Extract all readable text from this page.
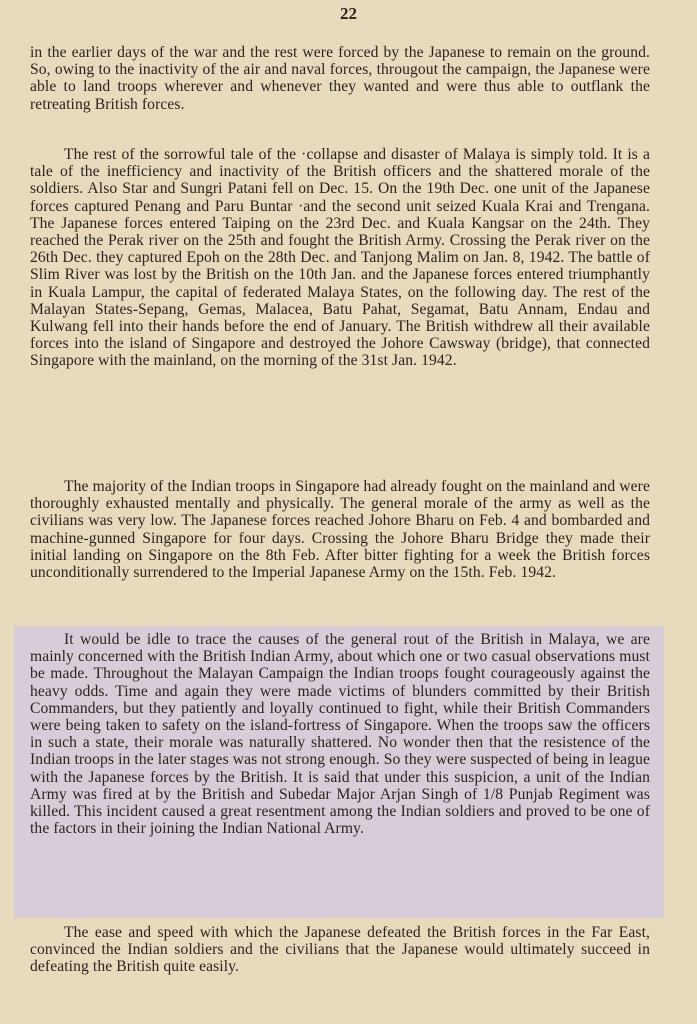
22

in the earlier days of the war and the rest were forced by the Japanese to remain on the ground. So, owing to the inactivity of the air and naval forces, througout the campaign, the Japanese were able to land troops wherever and whenever they wanted and were thus able to outflank the retreating British forces.

The rest of the sorrowful tale of the ·collapse and disaster of Malaya is simply told. It is a tale of the inefficiency and inactivity of the British officers and the shattered morale of the soldiers. Also Star and Sungri Patani fell on Dec. 15. On the 19th Dec. one unit of the Japanese forces captured Penang and Paru Buntar ·and the second unit seized Kuala Krai and Trengana. The Japanese forces entered Taiping on the 23rd Dec. and Kuala Kangsar on the 24th. They reached the Perak river on the 25th and fought the British Army. Crossing the Perak river on the 26th Dec. they captured Epoh on the 28th Dec. and Tanjong Malim on Jan. 8, 1942. The battle of Slim River was lost by the British on the 10th Jan. and the Japanese forces entered triumphantly in Kuala Lampur, the capital of federated Malaya States, on the following day. The rest of the Malayan States-Sepang, Gemas, Malacea, Batu Pahat, Segamat, Batu Annam, Endau and Kulwang fell into their hands before the end of January. The British withdrew all their available forces into the island of Singapore and destroyed the Johore Cawsway (bridge), that connected Singapore with the mainland, on the morning of the 31st Jan. 1942.

The majority of the Indian troops in Singapore had already fought on the mainland and were thoroughly exhausted mentally and physically. The general morale of the army as well as the civilians was very low. The Japanese forces reached Johore Bharu on Feb. 4 and bombarded and machine-gunned Singapore for four days. Crossing the Johore Bharu Bridge they made their initial landing on Singapore on the 8th Feb. After bitter fighting for a week the British forces unconditionally surrendered to the Imperial Japanese Army on the 15th. Feb. 1942.

It would be idle to trace the causes of the general rout of the British in Malaya, we are mainly concerned with the British Indian Army, about which one or two casual observations must be made. Throughout the Malayan Campaign the Indian troops fought courageously against the heavy odds. Time and again they were made victims of blunders committed by their British Commanders, but they patiently and loyally continued to fight, while their British Commanders were being taken to safety on the island-fortress of Singapore. When the troops saw the officers in such a state, their morale was naturally shattered. No wonder then that the resistence of the Indian troops in the later stages was not strong enough. So they were suspected of being in league with the Japanese forces by the British. It is said that under this suspicion, a unit of the Indian Army was fired at by the British and Subedar Major Arjan Singh of 1/8 Punjab Regiment was killed. This incident caused a great resentment among the Indian soldiers and proved to be one of the factors in their joining the Indian National Army.

The ease and speed with which the Japanese defeated the British forces in the Far East, convinced the Indian soldiers and the civilians that the Japanese would ultimately succeed in defeating the British quite easily.
